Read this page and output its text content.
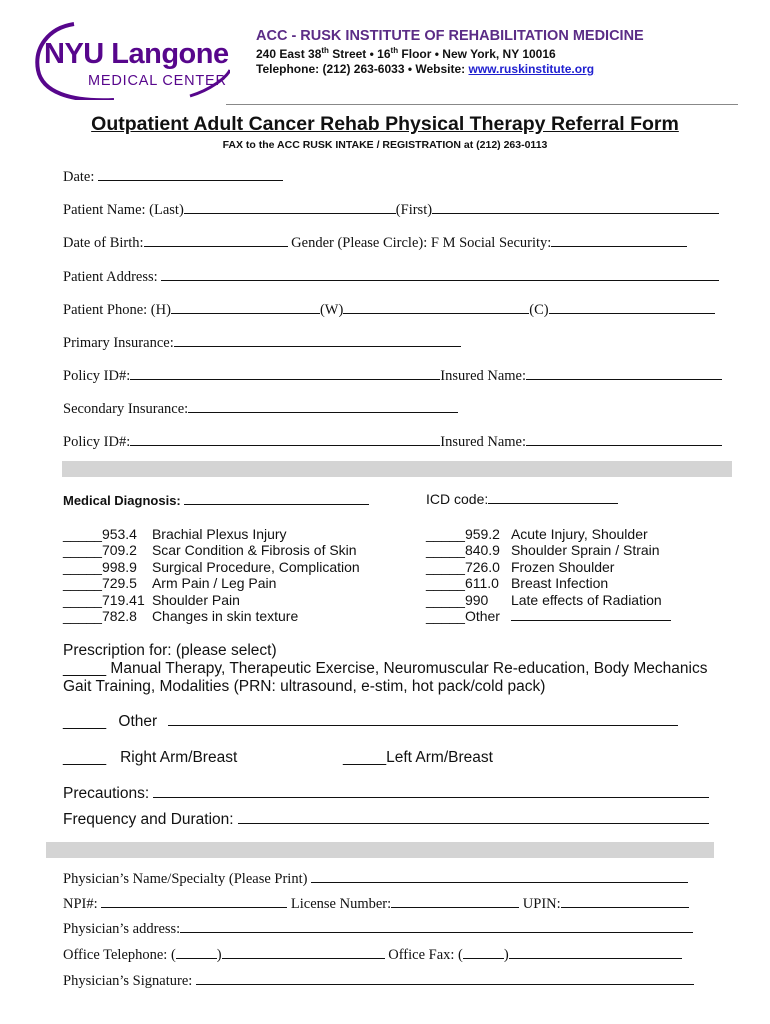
NYU Langone
MEDICAL CENTER
ACC - RUSK INSTITUTE OF REHABILITATION MEDICINE
240 East 38th Street • 16th Floor • New York, NY 10016
Telephone: (212) 263-6033 • Website: www.ruskinstitute.org
Outpatient Adult Cancer Rehab Physical Therapy Referral Form
FAX to the ACC RUSK INTAKE / REGISTRATION at (212) 263-0113
Date:
Patient Name: (Last)	(First)
Date of Birth:	Gender (Please Circle): F M Social Security:
Patient Address:
Patient Phone: (H)	(W)	(C)
Primary Insurance:
Policy ID#:	Insured Name:
Secondary Insurance:
Policy ID#:	Insured Name:
Medical Diagnosis:	ICD code:
_____953.4 Brachial Plexus Injury
_____709.2 Scar Condition & Fibrosis of Skin
_____998.9 Surgical Procedure, Complication
_____729.5 Arm Pain / Leg Pain
_____719.41 Shoulder Pain
_____782.8 Changes in skin texture
_____959.2 Acute Injury, Shoulder
_____840.9 Shoulder Sprain / Strain
_____726.0 Frozen Shoulder
_____611.0 Breast Infection
_____990 Late effects of Radiation
_____Other
Prescription for: (please select)
_____ Manual Therapy, Therapeutic Exercise, Neuromuscular Re-education, Body Mechanics
Gait Training, Modalities (PRN: ultrasound, e-stim, hot pack/cold pack)
_____ Other
_____ Right Arm/Breast	_____Left Arm/Breast
Precautions:
Frequency and Duration:
Physician’s Name/Specialty (Please Print)
NPI#:	License Number:	UPIN:
Physician’s address:
Office Telephone: (	)	Office Fax: (	)
Physician’s Signature:
